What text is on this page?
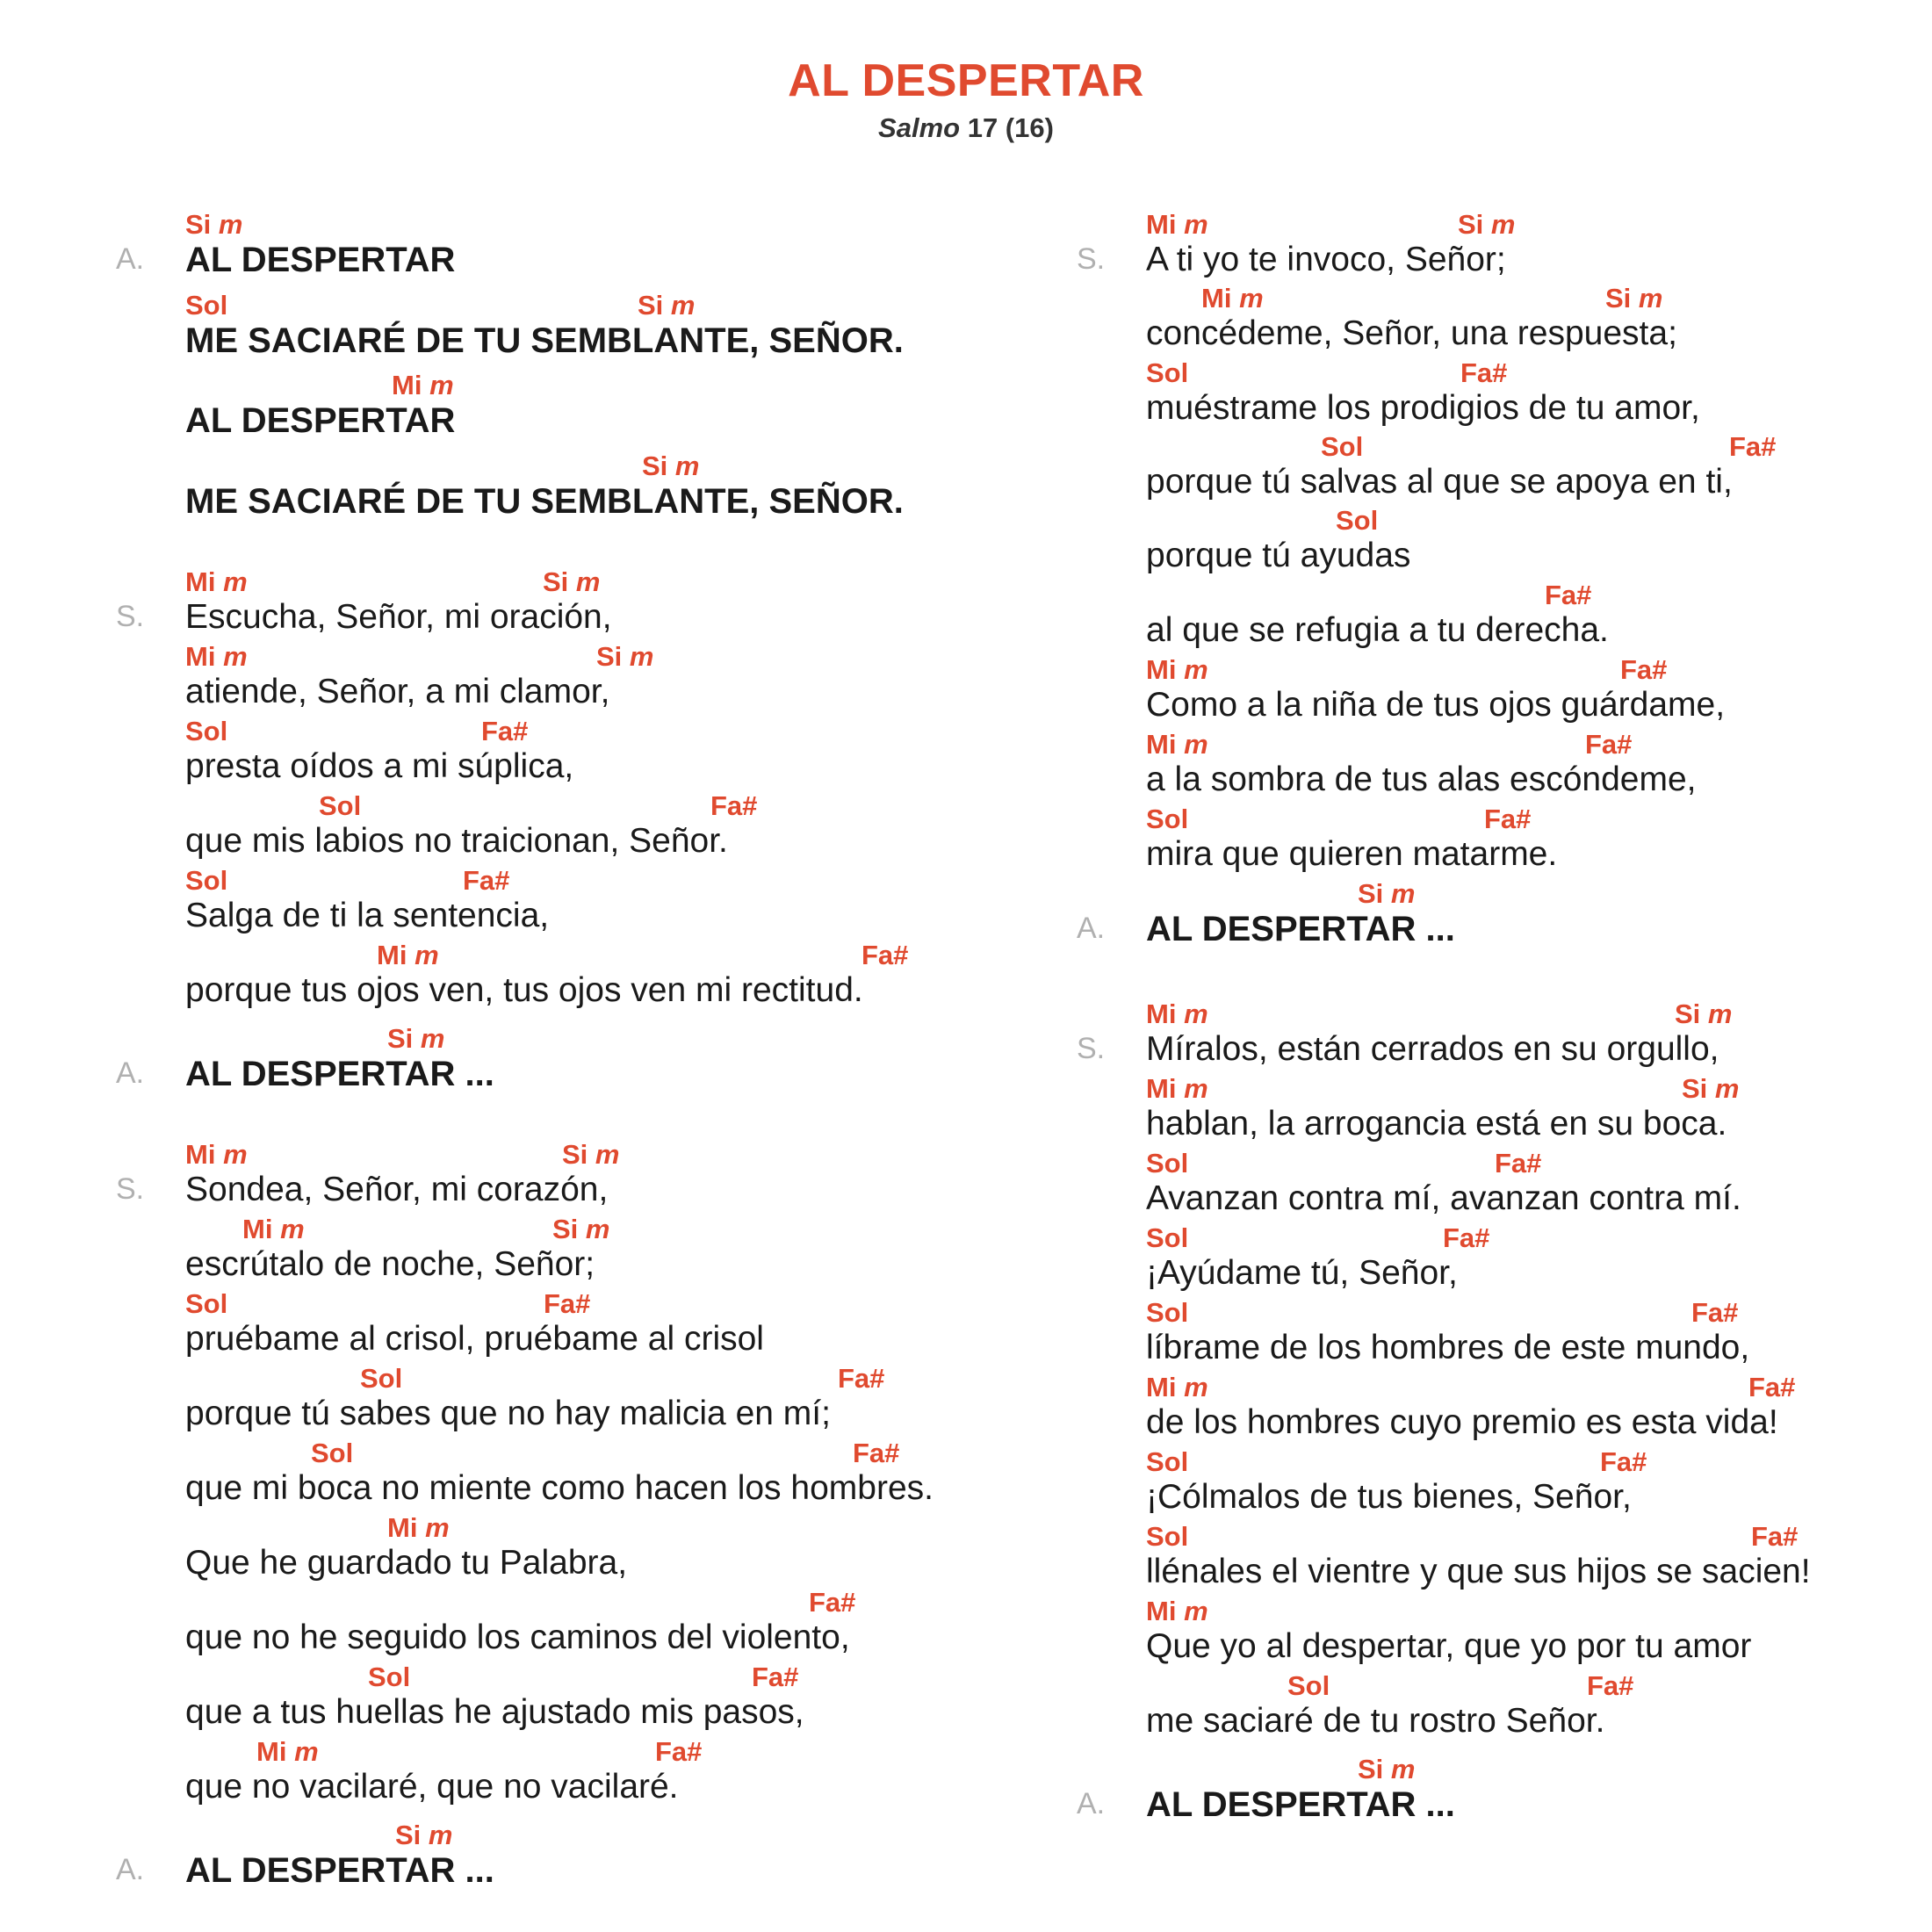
AL DESPERTAR
Salmo 17 (16)
Si m
A. AL DESPERTAR
Sol	Si m
ME SACIARÉ DE TU SEMBLANTE, SEÑOR.
Mi m
AL DESPERTAR
Si m
ME SACIARÉ DE TU SEMBLANTE, SEÑOR.
Mi m	Si m
S. Escucha, Señor, mi oración,
Mi m	Si m
atiende, Señor, a mi clamor,
Sol	Fa#
presta oídos a mi súplica,
Sol	Fa#
que mis labios no traicionan, Señor.
Sol	Fa#
Salga de ti la sentencia,
Mi m	Fa#
porque tus ojos ven, tus ojos ven mi rectitud.
Si m
A. AL DESPERTAR ...
Mi m	Si m
S. Sondea, Señor, mi corazón,
Mi m	Si m
escrútalo de noche, Señor;
Sol	Fa#
pruébame al crisol, pruébame al crisol
Sol	Fa#
porque tú sabes que no hay malicia en mí;
Sol	Fa#
que mi boca no miente como hacen los hombres.
Mi m
Que he guardado tu Palabra,
Fa#
que no he seguido los caminos del violento,
Sol	Fa#
que a tus huellas he ajustado mis pasos,
Mi m	Fa#
que no vacilaré, que no vacilaré.
Si m
A. AL DESPERTAR ...
Mi m	Si m
S. A ti yo te invoco, Señor;
Mi m	Si m
concédeme, Señor, una respuesta;
Sol	Fa#
muéstrame los prodigios de tu amor,
Sol	Fa#
porque tú salvas al que se apoya en ti,
Sol
porque tú ayudas
Fa#
al que se refugia a tu derecha.
Mi m	Fa#
Como a la niña de tus ojos guárdame,
Mi m	Fa#
a la sombra de tus alas escóndeme,
Sol	Fa#
mira que quieren matarme.
Si m
A. AL DESPERTAR ...
Mi m	Si m
S. Míralos, están cerrados en su orgullo,
Mi m	Si m
hablan, la arrogancia está en su boca.
Sol	Fa#
Avanzan contra mí, avanzan contra mí.
Sol	Fa#
¡Ayúdame tú, Señor,
Sol	Fa#
líbrame de los hombres de este mundo,
Mi m	Fa#
de los hombres cuyo premio es esta vida!
Sol	Fa#
¡Cólmalos de tus bienes, Señor,
Sol	Fa#
llénales el vientre y que sus hijos se sacien!
Mi m
Que yo al despertar, que yo por tu amor
Sol	Fa#
me saciaré de tu rostro Señor.
Si m
A. AL DESPERTAR ...
